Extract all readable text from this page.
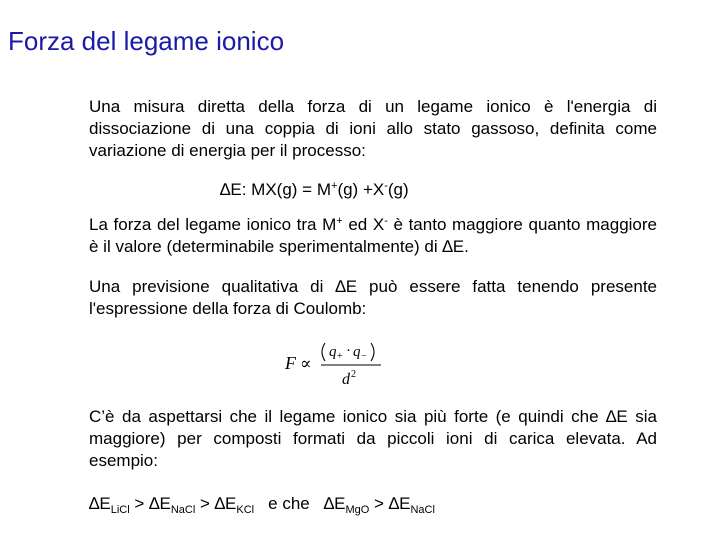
Forza del legame ionico
Una misura diretta della forza di un legame ionico è l'energia di dissociazione di una coppia di ioni allo stato gassoso, definita come variazione di energia per il processo:
∆E: MX(g) = M+(g) +X-(g)
La forza del legame ionico tra M+ ed X- è tanto maggiore quanto maggiore è il valore (determinabile sperimentalmente) di ∆E.
Una previsione qualitativa di ∆E può essere fatta tenendo presente l'espressione della forza di Coulomb:
F ∝
q + · q −
d 2
C’è da aspettarsi che il legame ionico sia più forte (e quindi che ∆E sia maggiore) per composti formati da piccoli ioni di carica elevata. Ad esempio:
$\Delta E_{LiCl} > \Delta E_{NaCl} > \Delta E_{KCl}$ e che $\Delta E_{MgO} > \Delta E_{NaCl}$
